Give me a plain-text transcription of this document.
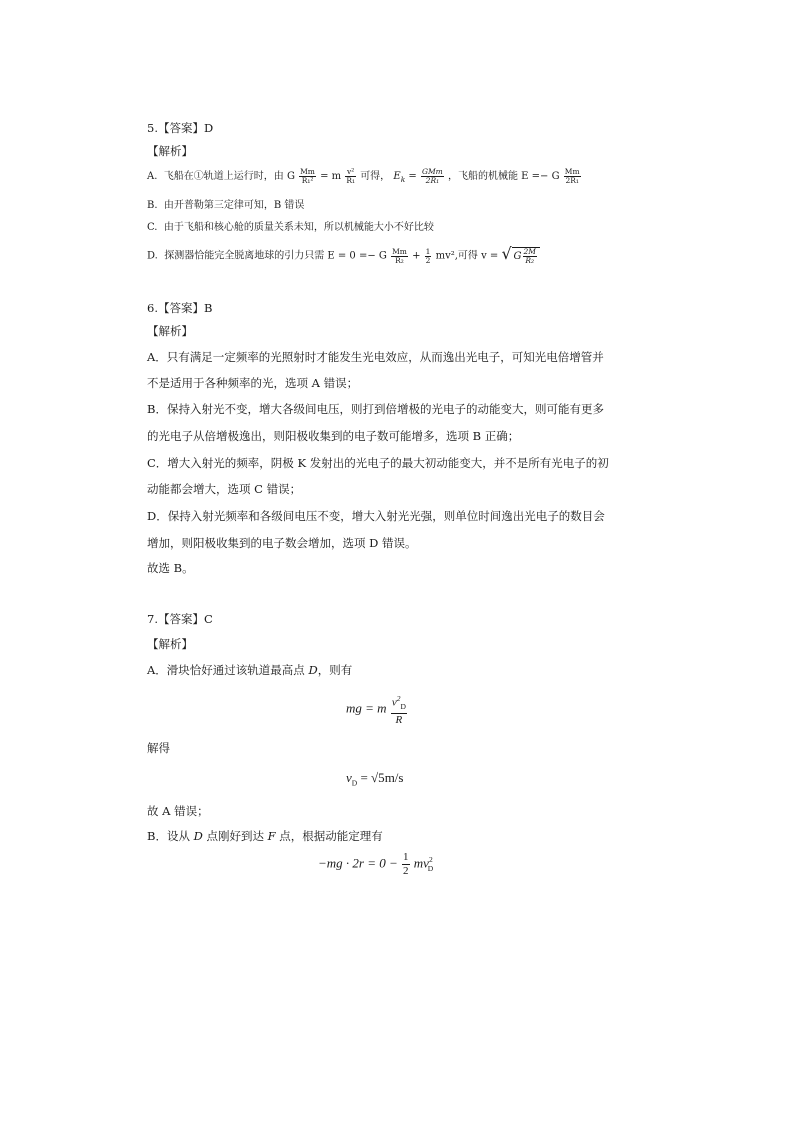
5.【答案】D
【解析】
A. 飞船在①轨道上运行时，由 G $\frac{Mm}{\text{R₁²}} = m \frac{\text{v²}}{\text{R₁}}$ 可得， $E_k = \frac{\text{GMm}}{\text{2R₁}}$ ，飞船的机械能 E =− G $\frac{Mm}{\text{2R₁}}$
B. 由开普勒第三定律可知，B 错误
C. 由于飞船和核心舱的质量关系未知，所以机械能大小不好比较
D. 探测器恰能完全脱离地球的引力只需 E = 0 =− G $\frac{Mm}{\text{R₂}} + \frac{1}{2} mv^2$,可得 v = √ G $\frac{2M}{\text{R₂}}$
6.【答案】B
【解析】
A．只有满足一定频率的光照射时才能发生光电效应，从而逸出光电子，可知光电倍增管并
不是适用于各种频率的光，选项 A 错误；
B．保持入射光不变，增大各级间电压，则打到倍增极的光电子的动能变大，则可能有更多
的光电子从倍增极逸出，则阳极收集到的电子数可能增多，选项 B 正确；
C．增大入射光的频率，阴极 K 发射出的光电子的最大初动能变大，并不是所有光电子的初
动能都会增大，选项 C 错误；
D．保持入射光频率和各级间电压不变，增大入射光光强，则单位时间逸出光电子的数目会
增加，则阳极收集到的电子数会增加，选项 D 错误。
故选 B。
7.【答案】C
【解析】
A．滑块恰好通过该轨道最高点 D，则有
mg = m $\frac{v^2_D}{R}$
解得
$v_D = √5m/s$
故 A 错误；
B．设从 D 点刚好到达 F 点，根据动能定理有
$-mg \cdot 2r = 0 - \frac{1}{2} mv^2_D$
